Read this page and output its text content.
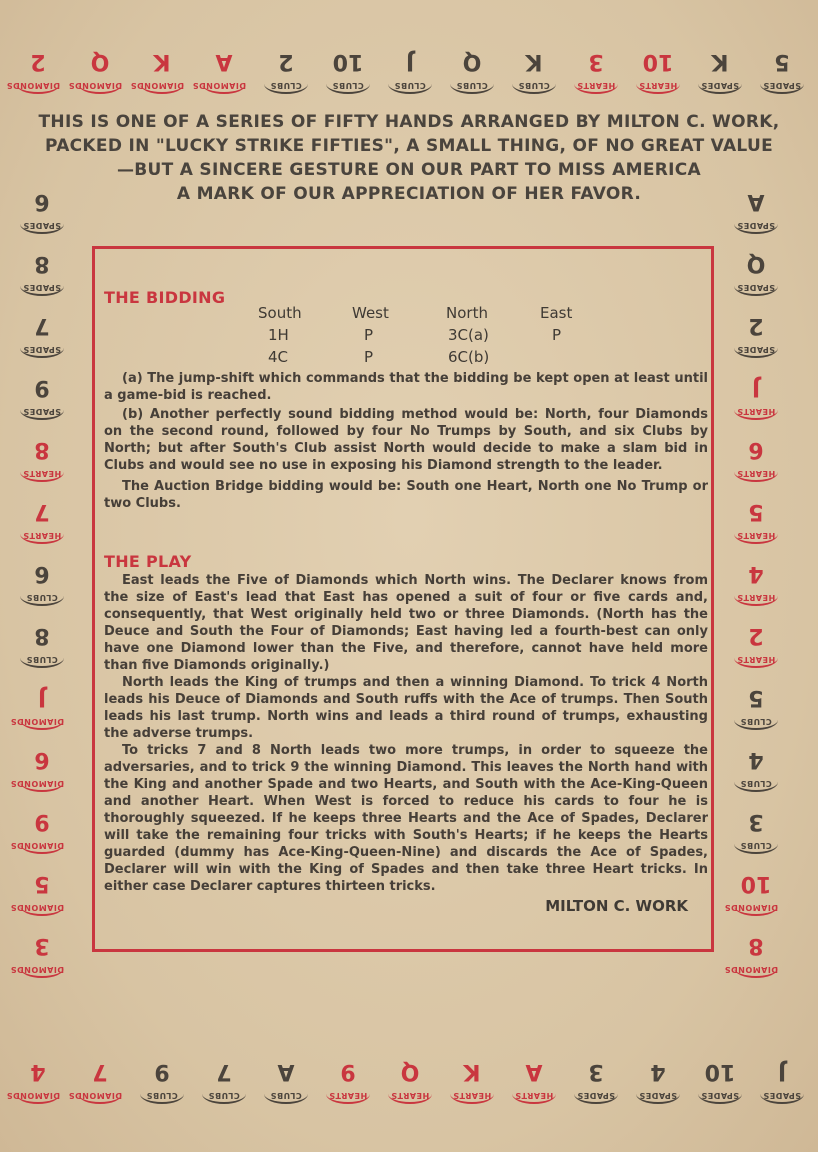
DIAMONDS
2
DIAMONDS
Q
DIAMONDS
K
DIAMONDS
A
CLUBS
2
CLUBS
10
CLUBS
J
CLUBS
Q
CLUBS
K
HEARTS
3
HEARTS
10
SPADES
K
SPADES
5
SPADES
6
SPADES
8
SPADES
7
SPADES
9
HEARTS
8
HEARTS
7
CLUBS
6
CLUBS
8
DIAMONDS
J
DIAMONDS
6
DIAMONDS
9
DIAMONDS
5
DIAMONDS
3
SPADES
A
SPADES
Q
SPADES
2
HEARTS
J
HEARTS
6
HEARTS
5
HEARTS
4
HEARTS
2
CLUBS
5
CLUBS
4
CLUBS
3
DIAMONDS
10
DIAMONDS
8
DIAMONDS
4
DIAMONDS
7
CLUBS
9
CLUBS
7
CLUBS
A
HEARTS
9
HEARTS
Q
HEARTS
K
HEARTS
A
SPADES
3
SPADES
4
SPADES
10
SPADES
J
THIS IS ONE OF A SERIES OF FIFTY HANDS ARRANGED BY MILTON C. WORK,
PACKED IN "LUCKY STRIKE FIFTIES", A SMALL THING, OF NO GREAT VALUE
—BUT A SINCERE GESTURE ON OUR PART TO MISS AMERICA
A MARK OF OUR APPRECIATION OF HER FAVOR.
THE BIDDING
South	West	North	East
1H	P	3C(a)	P
4C	P	6C(b)

(a) The jump-shift which commands that the bidding be kept open at least until a game-bid is reached.

(b) Another perfectly sound bidding method would be: North, four Diamonds on the second round, followed by four No Trumps by South, and six Clubs by North; but after South's Club assist North would decide to make a slam bid in Clubs and would see no use in exposing his Diamond strength to the leader.

The Auction Bridge bidding would be: South one Heart, North one No Trump or two Clubs.

THE PLAY

East leads the Five of Diamonds which North wins. The Declarer knows from the size of East's lead that East has opened a suit of four or five cards and, consequently, that West originally held two or three Diamonds. (North has the Deuce and South the Four of Diamonds; East having led a fourth-best can only have one Diamond lower than the Five, and therefore, cannot have held more than five Diamonds originally.)

North leads the King of trumps and then a winning Diamond. To trick 4 North leads his Deuce of Diamonds and South ruffs with the Ace of trumps. Then South leads his last trump. North wins and leads a third round of trumps, exhausting the adverse trumps.

To tricks 7 and 8 North leads two more trumps, in order to squeeze the adversaries, and to trick 9 the winning Diamond. This leaves the North hand with the King and another Spade and two Hearts, and South with the Ace-King-Queen and another Heart. When West is forced to reduce his cards to four he is thoroughly squeezed. If he keeps three Hearts and the Ace of Spades, Declarer will take the remaining four tricks with South's Hearts; if he keeps the Hearts guarded (dummy has Ace-King-Queen-Nine) and discards the Ace of Spades, Declarer will win with the King of Spades and then take three Heart tricks. In either case Declarer captures thirteen tricks.

MILTON C. WORK
